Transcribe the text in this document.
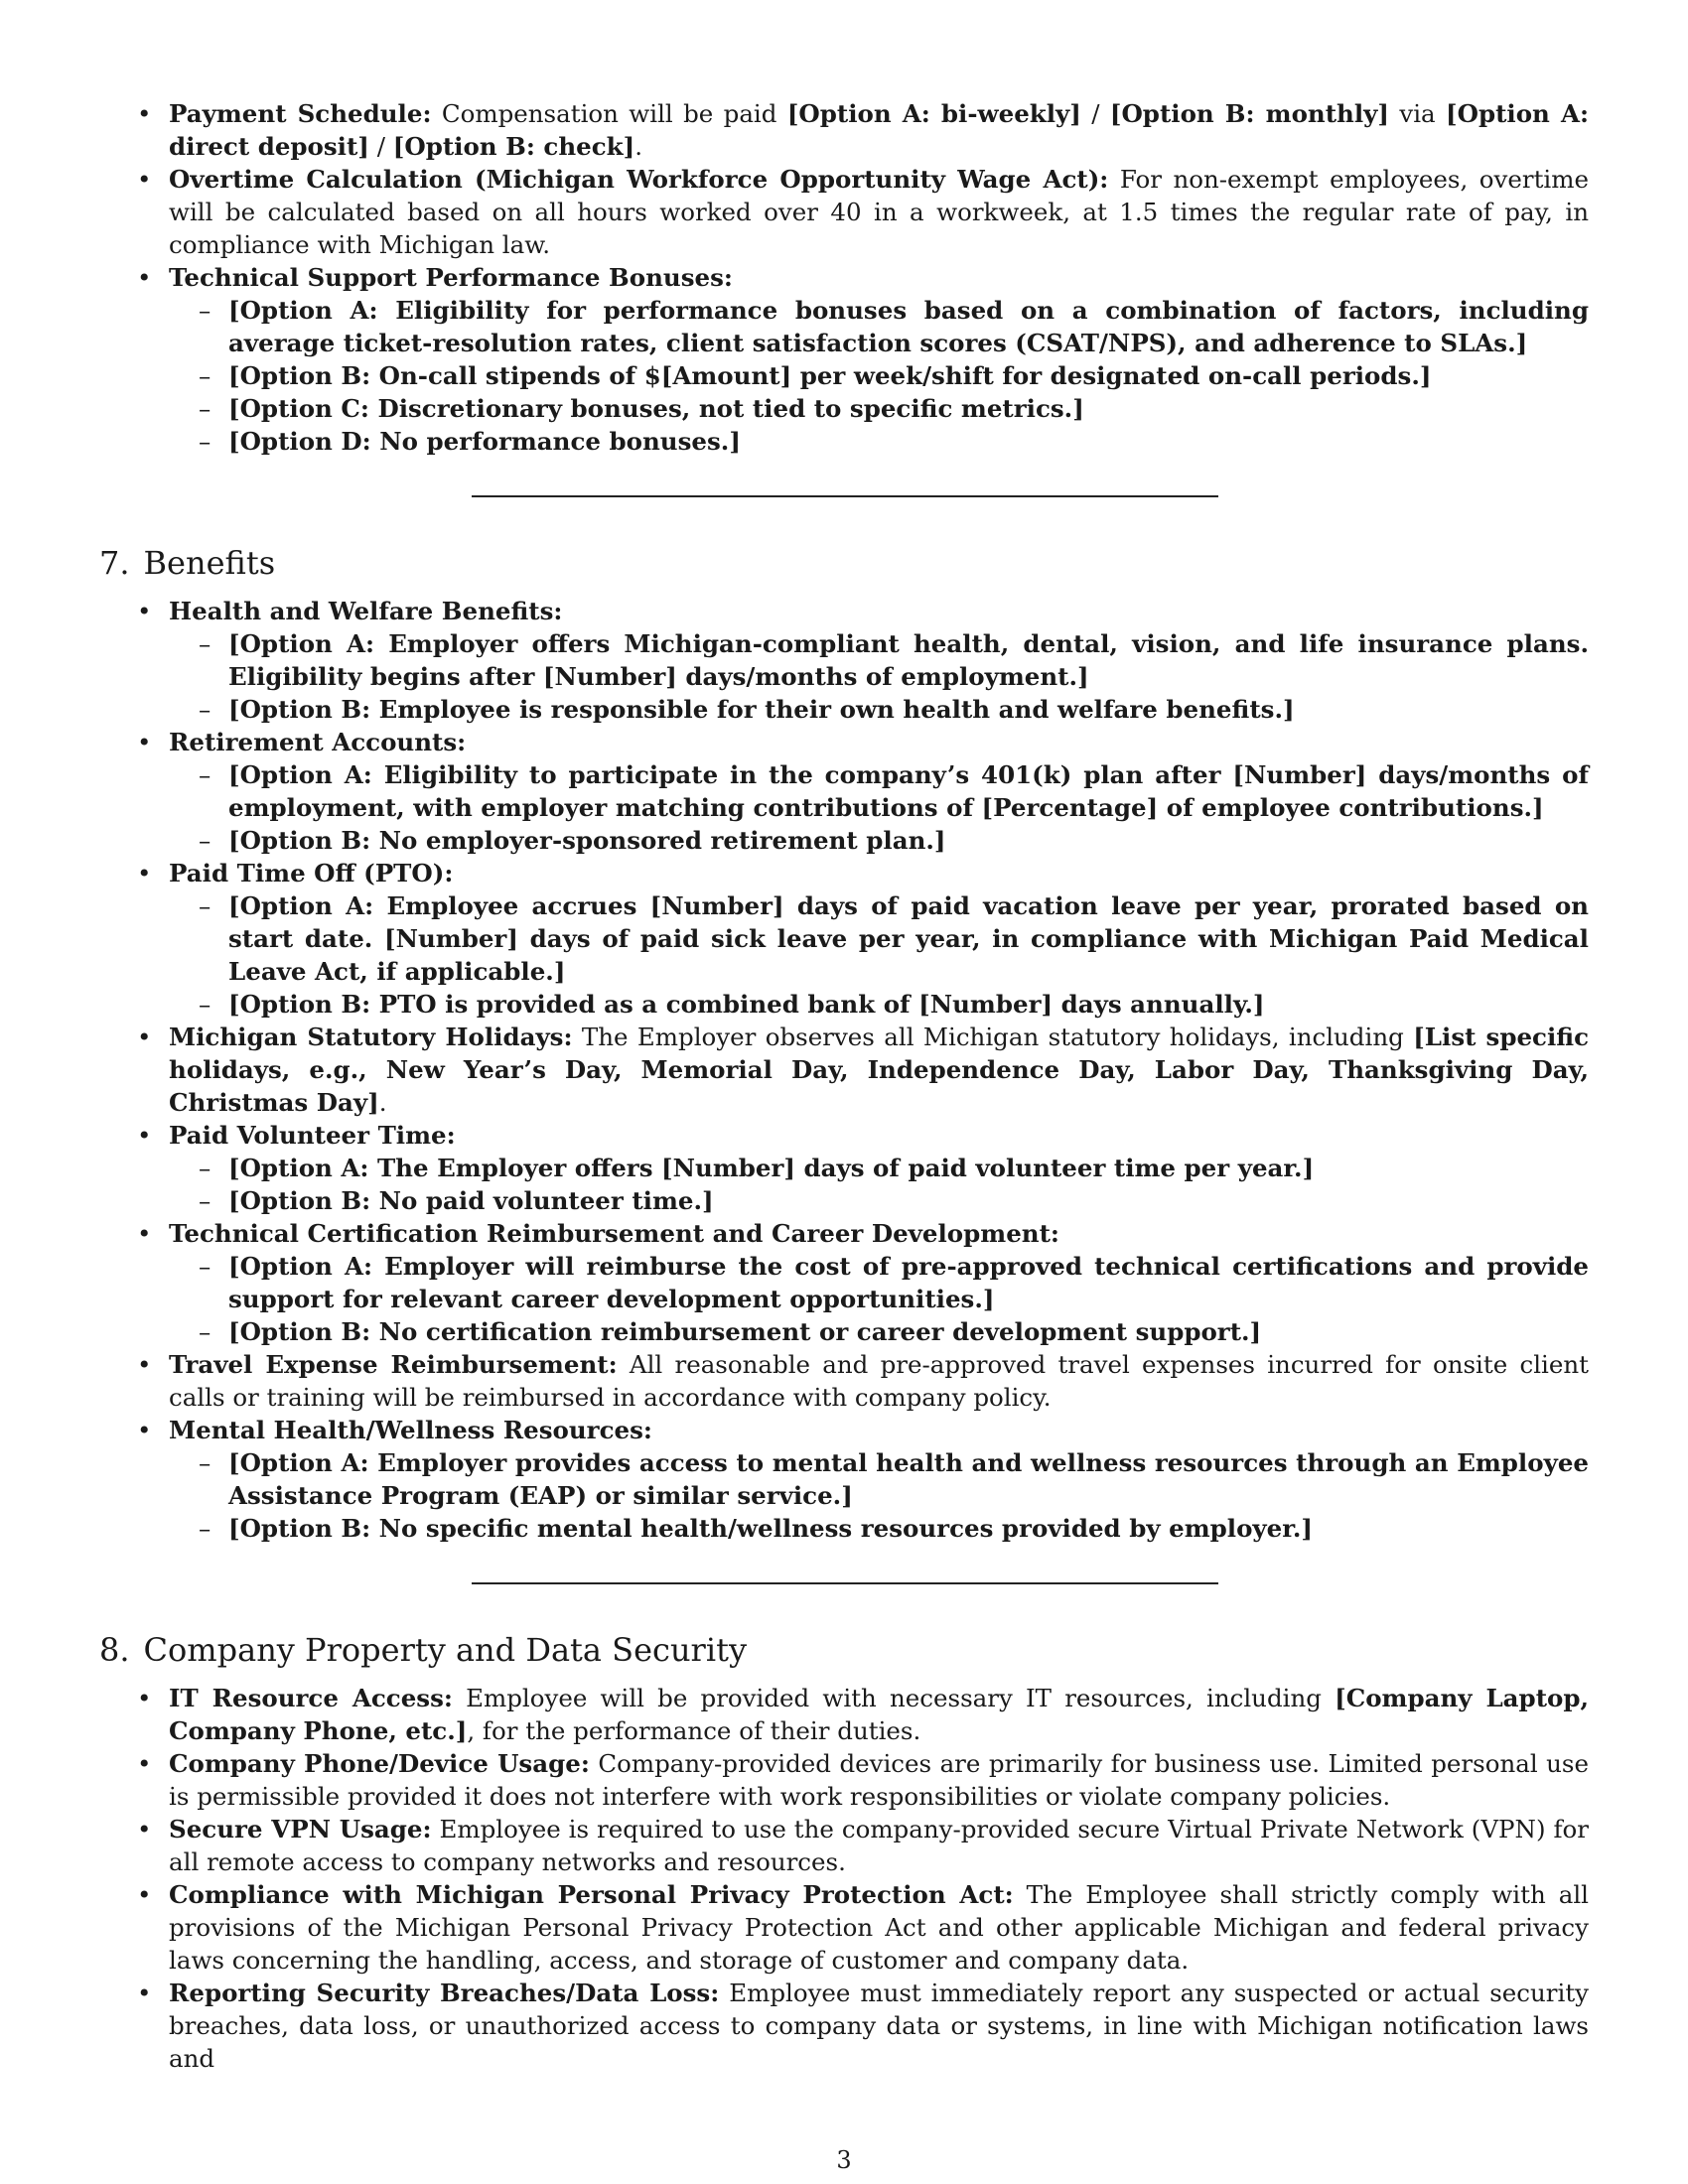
• Payment Schedule: Compensation will be paid [Option A: bi-weekly] / [Option B: monthly] via [Option A: direct deposit] / [Option B: check].
• Overtime Calculation (Michigan Workforce Opportunity Wage Act): For non-exempt employees, overtime will be calculated based on all hours worked over 40 in a workweek, at 1.5 times the regular rate of pay, in compliance with Michigan law.
• Technical Support Performance Bonuses:
– [Option A: Eligibility for performance bonuses based on a combination of factors, including average ticket-resolution rates, client satisfaction scores (CSAT/NPS), and adherence to SLAs.]
– [Option B: On-call stipends of $[Amount] per week/shift for designated on-call periods.]
– [Option C: Discretionary bonuses, not tied to specific metrics.]
– [Option D: No performance bonuses.]
7. Benefits
• Health and Welfare Benefits:
– [Option A: Employer offers Michigan-compliant health, dental, vision, and life insurance plans. Eligibility begins after [Number] days/months of employment.]
– [Option B: Employee is responsible for their own health and welfare benefits.]
• Retirement Accounts:
– [Option A: Eligibility to participate in the company’s 401(k) plan after [Number] days/months of employment, with employer matching contributions of [Percentage] of employee contributions.]
– [Option B: No employer-sponsored retirement plan.]
• Paid Time Off (PTO):
– [Option A: Employee accrues [Number] days of paid vacation leave per year, prorated based on start date. [Number] days of paid sick leave per year, in compliance with Michigan Paid Medical Leave Act, if applicable.]
– [Option B: PTO is provided as a combined bank of [Number] days annually.]
• Michigan Statutory Holidays: The Employer observes all Michigan statutory holidays, including [List specific holidays, e.g., New Year’s Day, Memorial Day, Independence Day, Labor Day, Thanksgiving Day, Christmas Day].
• Paid Volunteer Time:
– [Option A: The Employer offers [Number] days of paid volunteer time per year.]
– [Option B: No paid volunteer time.]
• Technical Certification Reimbursement and Career Development:
– [Option A: Employer will reimburse the cost of pre-approved technical certifications and provide support for relevant career development opportunities.]
– [Option B: No certification reimbursement or career development support.]
• Travel Expense Reimbursement: All reasonable and pre-approved travel expenses incurred for onsite client calls or training will be reimbursed in accordance with company policy.
• Mental Health/Wellness Resources:
– [Option A: Employer provides access to mental health and wellness resources through an Employee Assistance Program (EAP) or similar service.]
– [Option B: No specific mental health/wellness resources provided by employer.]
8. Company Property and Data Security
• IT Resource Access: Employee will be provided with necessary IT resources, including [Company Laptop, Company Phone, etc.], for the performance of their duties.
• Company Phone/Device Usage: Company-provided devices are primarily for business use. Limited personal use is permissible provided it does not interfere with work responsibilities or violate company policies.
• Secure VPN Usage: Employee is required to use the company-provided secure Virtual Private Network (VPN) for all remote access to company networks and resources.
• Compliance with Michigan Personal Privacy Protection Act: The Employee shall strictly comply with all provisions of the Michigan Personal Privacy Protection Act and other applicable Michigan and federal privacy laws concerning the handling, access, and storage of customer and company data.
• Reporting Security Breaches/Data Loss: Employee must immediately report any suspected or actual security breaches, data loss, or unauthorized access to company data or systems, in line with Michigan notification laws and
3
